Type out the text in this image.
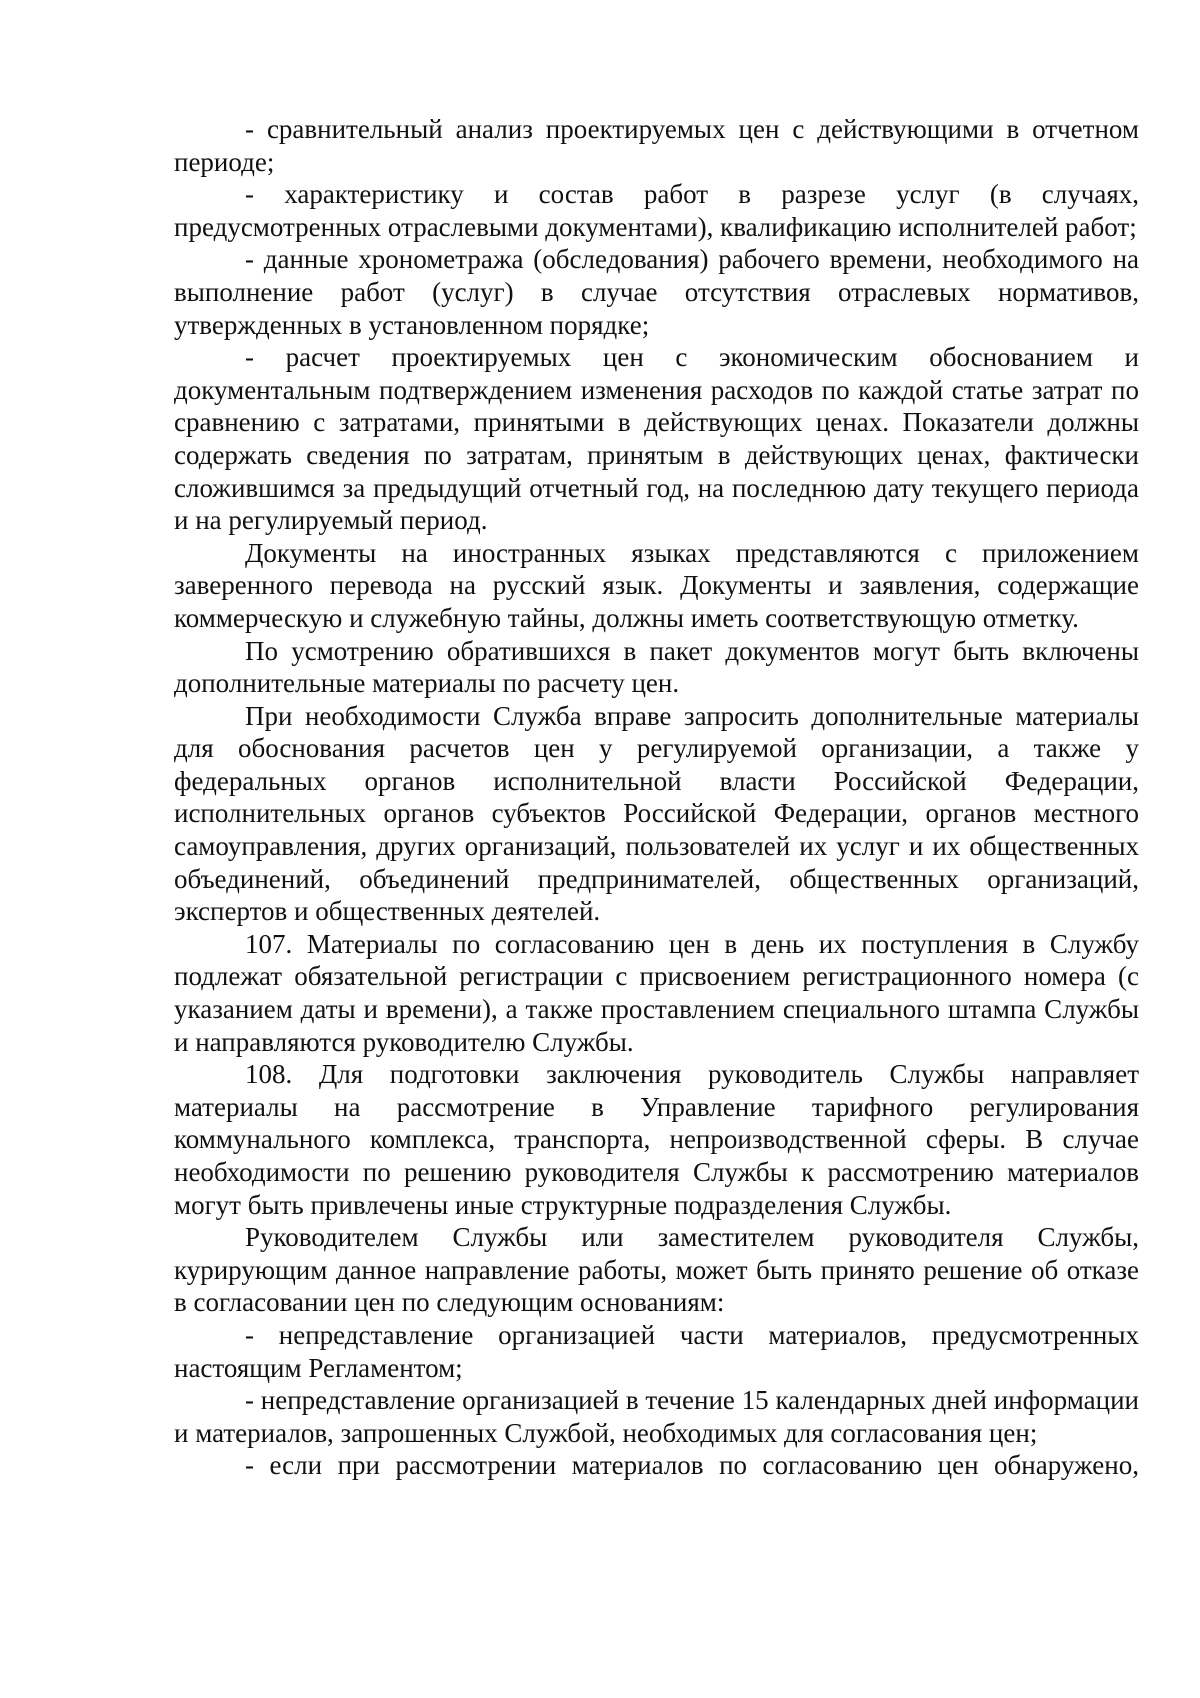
- сравнительный анализ проектируемых цен с действующими в отчетном периоде;

- характеристику и состав работ в разрезе услуг (в случаях, предусмотренных отраслевыми документами), квалификацию исполнителей работ;

- данные хронометража (обследования) рабочего времени, необходимого на выполнение работ (услуг) в случае отсутствия отраслевых нормативов, утвержденных в установленном порядке;

- расчет проектируемых цен с экономическим обоснованием и документальным подтверждением изменения расходов по каждой статье затрат по сравнению с затратами, принятыми в действующих ценах. Показатели должны содержать сведения по затратам, принятым в действующих ценах, фактически сложившимся за предыдущий отчетный год, на последнюю дату текущего периода и на регулируемый период.

Документы на иностранных языках представляются с приложением заверенного перевода на русский язык. Документы и заявления, содержащие коммерческую и служебную тайны, должны иметь соответствующую отметку.

По усмотрению обратившихся в пакет документов могут быть включены дополнительные материалы по расчету цен.

При необходимости Служба вправе запросить дополнительные материалы для обоснования расчетов цен у регулируемой организации, а также у федеральных органов исполнительной власти Российской Федерации, исполнительных органов субъектов Российской Федерации, органов местного самоуправления, других организаций, пользователей их услуг и их общественных объединений, объединений предпринимателей, общественных организаций, экспертов и общественных деятелей.

107. Материалы по согласованию цен в день их поступления в Службу подлежат обязательной регистрации с присвоением регистрационного номера (с указанием даты и времени), а также проставлением специального штампа Службы и направляются руководителю Службы.

108. Для подготовки заключения руководитель Службы направляет материалы на рассмотрение в Управление тарифного регулирования коммунального комплекса, транспорта, непроизводственной сферы. В случае необходимости по решению руководителя Службы к рассмотрению материалов могут быть привлечены иные структурные подразделения Службы.

Руководителем Службы или заместителем руководителя Службы, курирующим данное направление работы, может быть принято решение об отказе в согласовании цен по следующим основаниям:

- непредставление организацией части материалов, предусмотренных настоящим Регламентом;

- непредставление организацией в течение 15 календарных дней информации и материалов, запрошенных Службой, необходимых для согласования цен;

- если при рассмотрении материалов по согласованию цен обнаружено,
